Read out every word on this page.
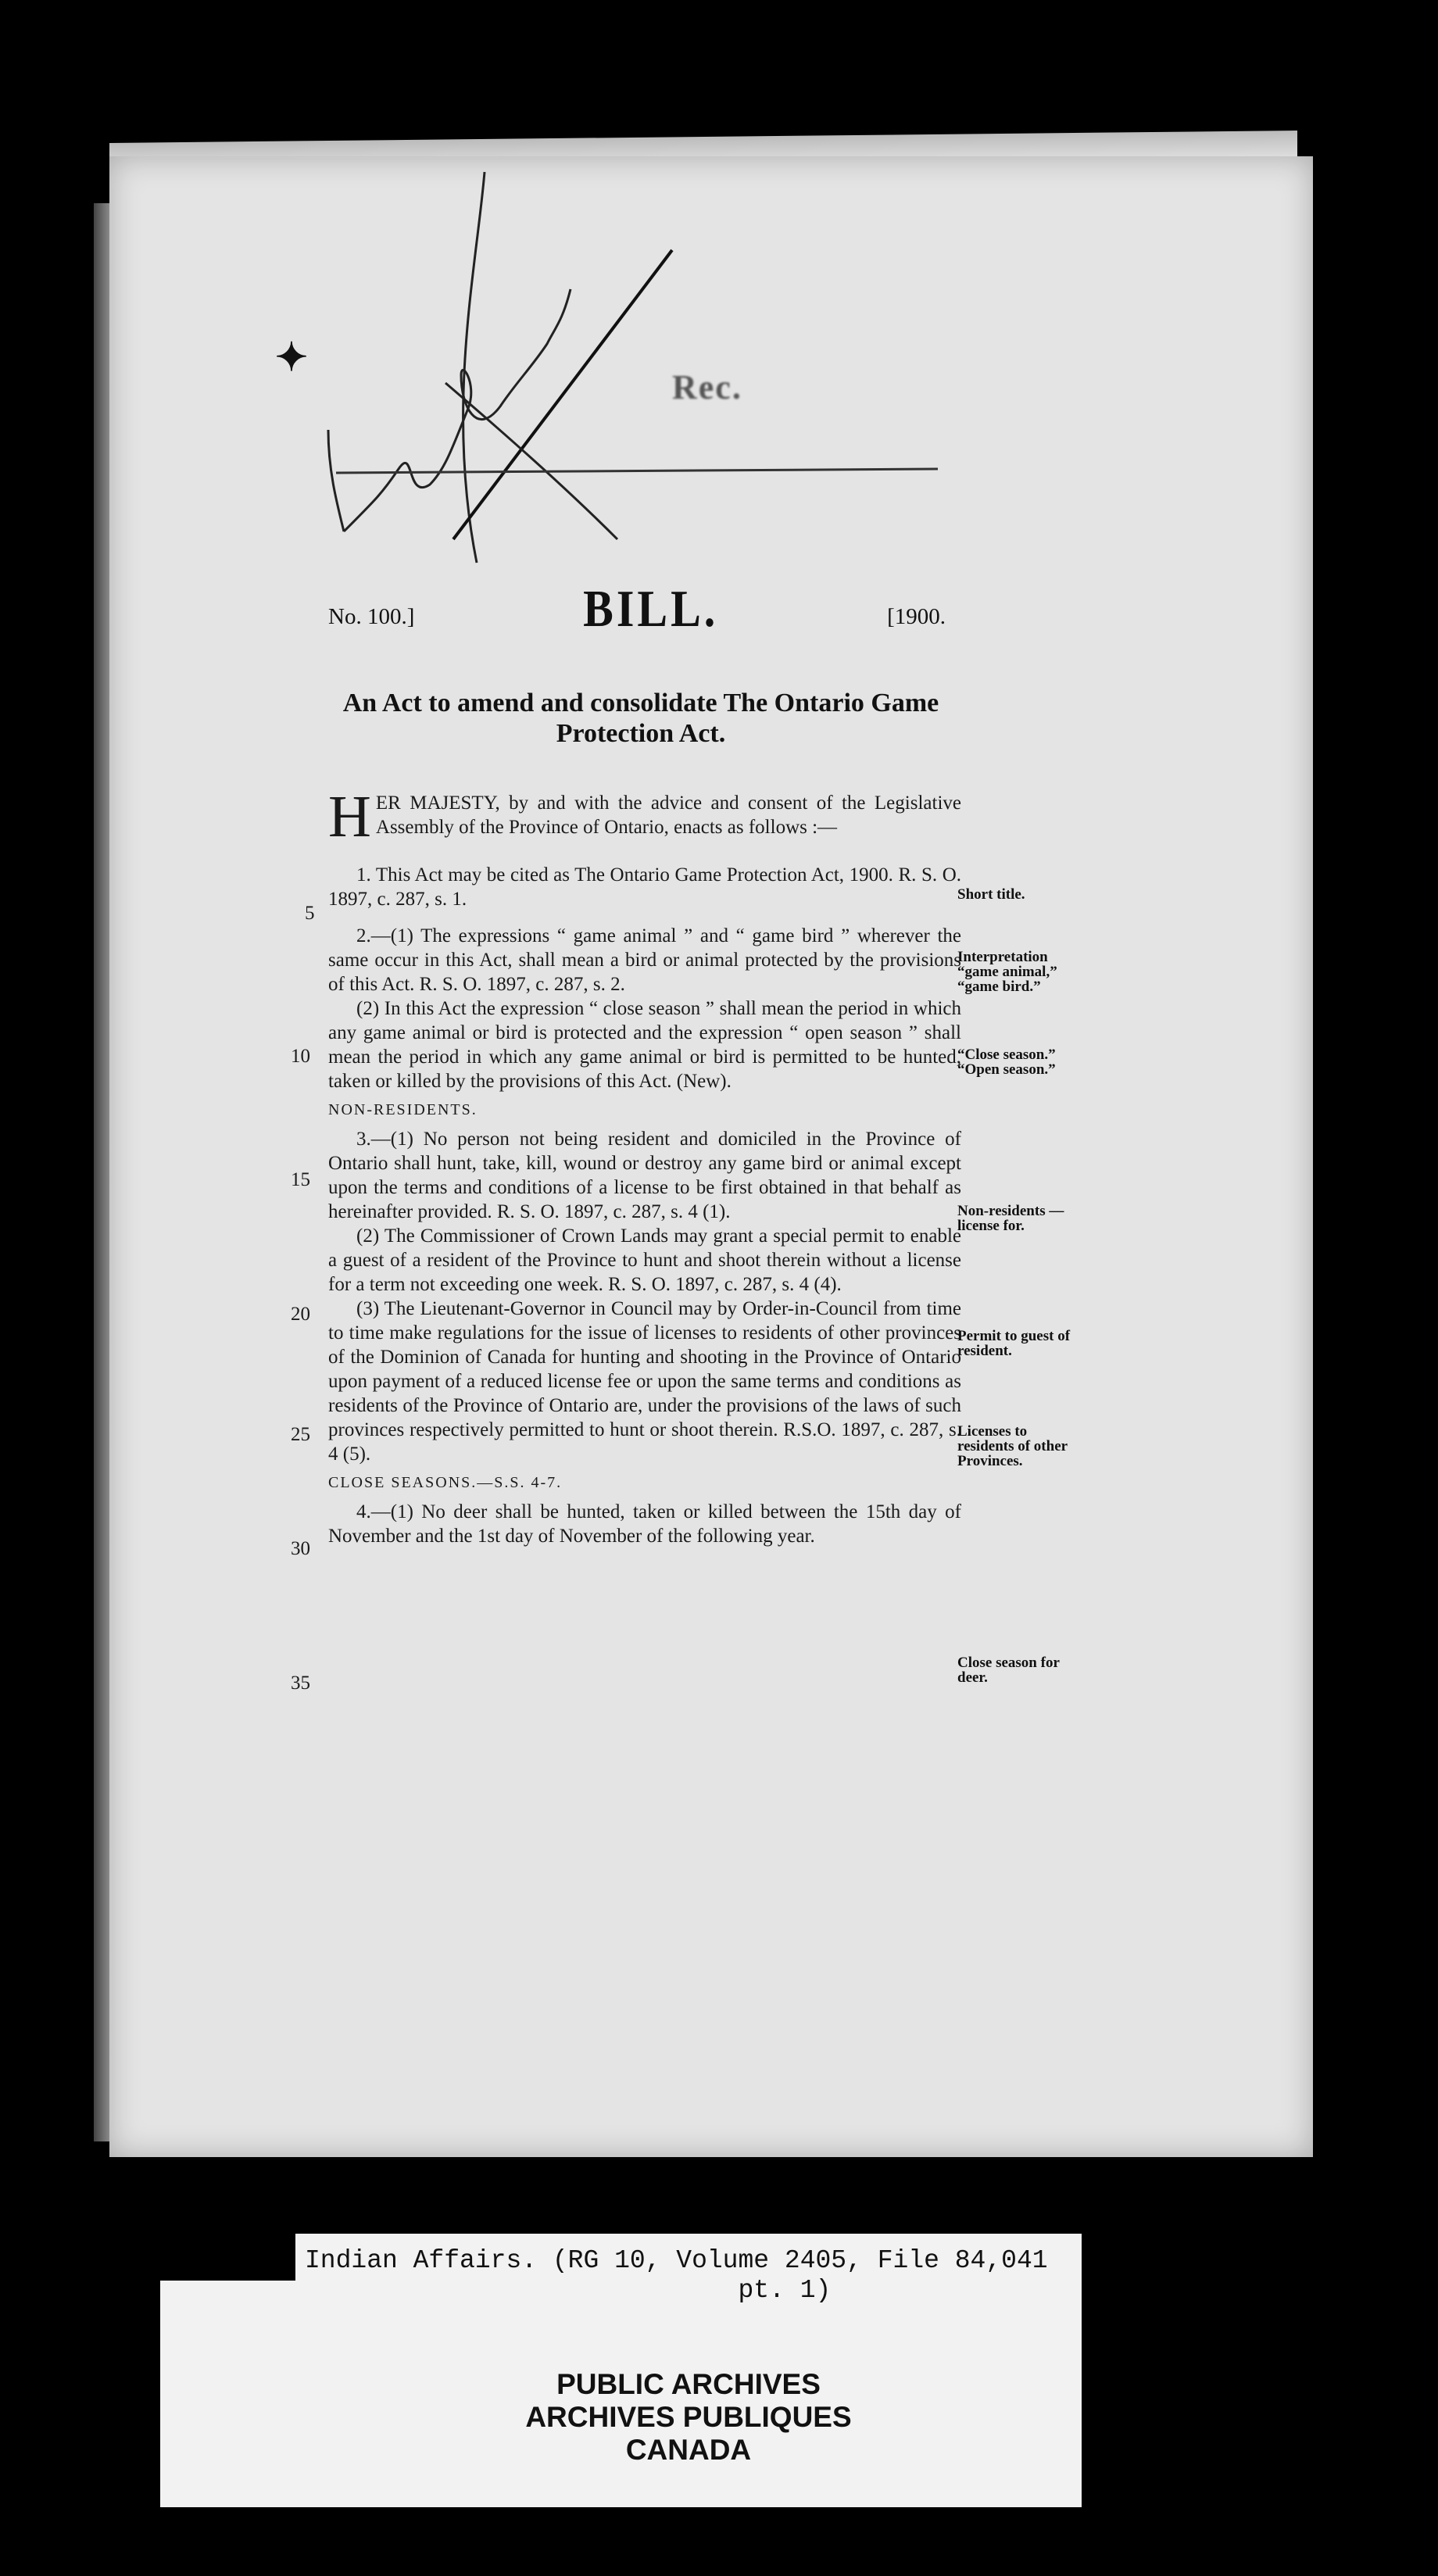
✦
Rec.
No. 100.]	BILL.	[1900.
An Act to amend and consolidate The Ontario Game Protection Act.
5
10
15
20
25
30
35

H ER MAJESTY, by and with the advice and consent of the Legislative Assembly of the Province of Ontario, enacts as follows :—

1. This Act may be cited as The Ontario Game Protection Act, 1900. R. S. O. 1897, c. 287, s. 1.

2.—(1) The expressions “ game animal ” and “ game bird ” wherever the same occur in this Act, shall mean a bird or animal protected by the provisions of this Act. R. S. O. 1897, c. 287, s. 2.

(2) In this Act the expression “ close season ” shall mean the period in which any game animal or bird is protected and the expression “ open season ” shall mean the period in which any game animal or bird is permitted to be hunted, taken or killed by the provisions of this Act. (New).

NON-RESIDENTS.

3.—(1) No person not being resident and domiciled in the Province of Ontario shall hunt, take, kill, wound or destroy any game bird or animal except upon the terms and conditions of a license to be first obtained in that behalf as hereinafter provided. R. S. O. 1897, c. 287, s. 4 (1).

(2) The Commissioner of Crown Lands may grant a special permit to enable a guest of a resident of the Province to hunt and shoot therein without a license for a term not exceeding one week. R. S. O. 1897, c. 287, s. 4 (4).

(3) The Lieutenant-Governor in Council may by Order-in-Council from time to time make regulations for the issue of licenses to residents of other provinces of the Dominion of Canada for hunting and shooting in the Province of Ontario upon payment of a reduced license fee or upon the same terms and conditions as residents of the Province of Ontario are, under the provisions of the laws of such provinces respectively permitted to hunt or shoot therein. R.S.O. 1897, c. 287, s. 4 (5).

CLOSE SEASONS.—S.S. 4-7.

4.—(1) No deer shall be hunted, taken or killed between the 15th day of November and the 1st day of November of the following year.

Short title.
Interpretation “game animal,” “game bird.”
“Close season.” “Open season.”
Non-residents —license for.
Permit to guest of resident.
Licenses to residents of other Provinces.
Close season for deer.
Indian Affairs. (RG 10, Volume 2405, File 84,041
pt. 1)
PUBLIC ARCHIVES
ARCHIVES PUBLIQUES
CANADA
